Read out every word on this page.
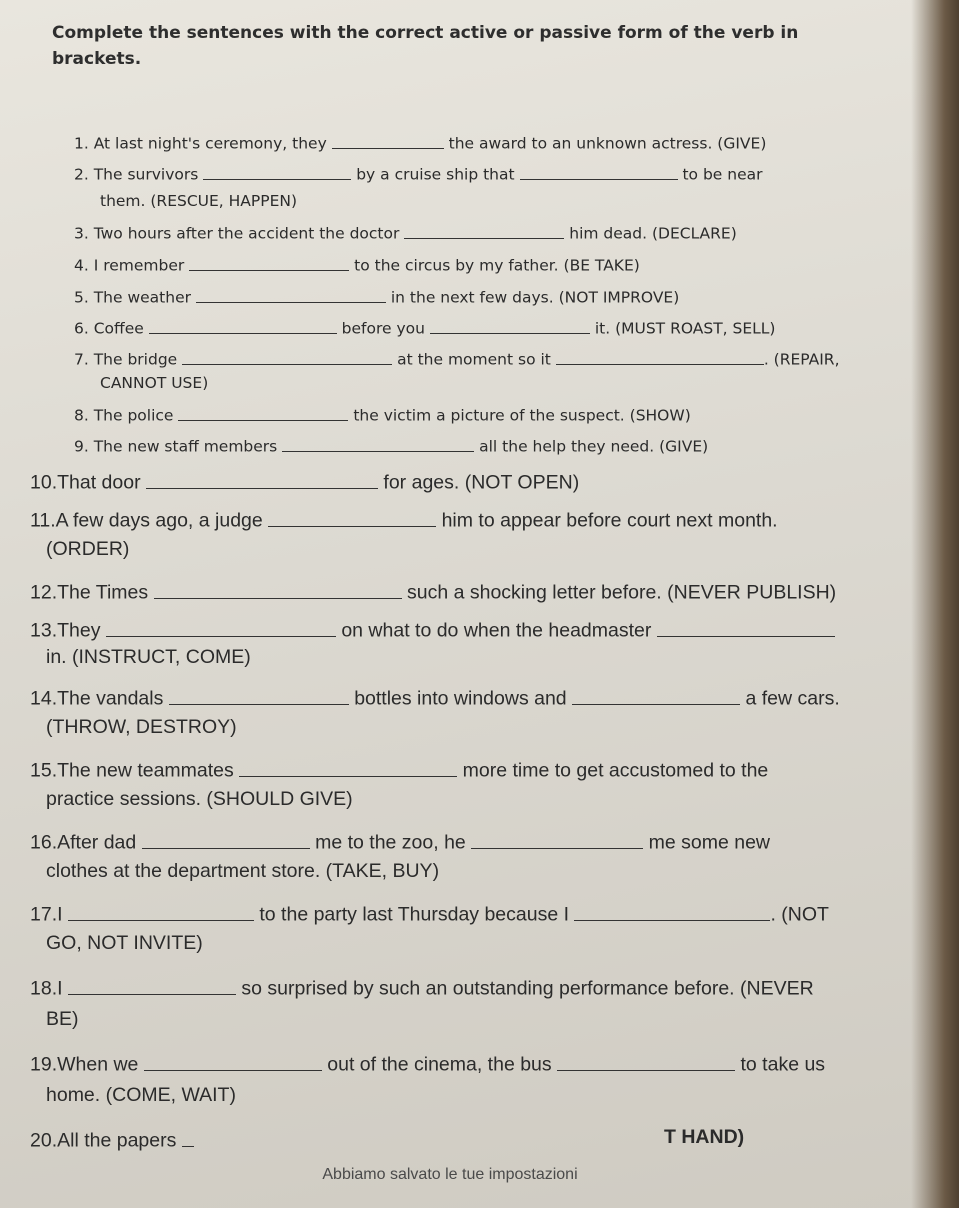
Complete the sentences with the correct active or passive form of the verb in brackets.
1. At last night's ceremony, they	the award to an unknown actress. (GIVE)
2. The survivors	by a cruise ship that	to be near
them. (RESCUE, HAPPEN)
3. Two hours after the accident the doctor	him dead. (DECLARE)
4. I remember	to the circus by my father. (BE TAKE)
5. The weather	in the next few days. (NOT IMPROVE)
6. Coffee	before you	it. (MUST ROAST, SELL)
7. The bridge	at the moment so it	. (REPAIR,
CANNOT USE)
8. The police	the victim a picture of the suspect. (SHOW)
9. The new staff members	all the help they need. (GIVE)
10.That door	for ages. (NOT OPEN)
11.A few days ago, a judge	him to appear before court next month.
(ORDER)
12.The Times	such a shocking letter before. (NEVER PUBLISH)
13.They	on what to do when the headmaster
in. (INSTRUCT, COME)
14.The vandals	bottles into windows and	a few cars.
(THROW, DESTROY)
15.The new teammates	more time to get accustomed to the
practice sessions. (SHOULD GIVE)
16.After dad	me to the zoo, he	me some new
clothes at the department store. (TAKE, BUY)
17.I	to the party last Thursday because I	. (NOT
GO, NOT INVITE)
18.I	so surprised by such an outstanding performance before. (NEVER
BE)
19.When we	out of the cinema, the bus	to take us
home. (COME, WAIT)
20.All the papers	T HAND)
Abbiamo salvato le tue impostazioni
